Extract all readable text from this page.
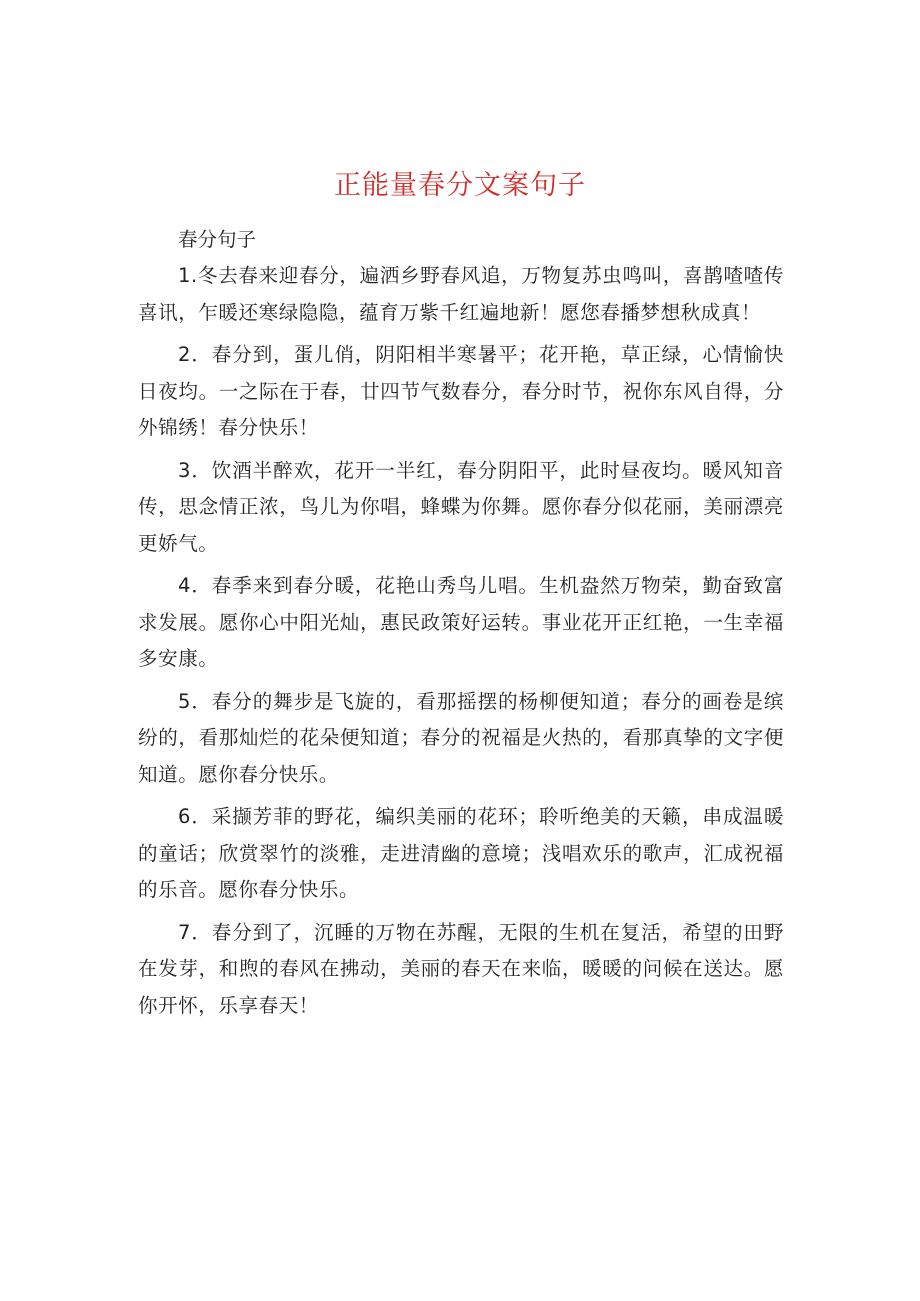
正能量春分文案句子

春分句子

1.冬去春来迎春分，遍洒乡野春风追，万物复苏虫鸣叫，喜鹊喳喳传喜讯，乍暖还寒绿隐隐，蕴育万紫千红遍地新！愿您春播梦想秋成真！

2．春分到，蛋儿俏，阴阳相半寒暑平；花开艳，草正绿，心情愉快日夜均。一之际在于春，廿四节气数春分，春分时节，祝你东风自得，分外锦绣！春分快乐！

3．饮酒半醉欢，花开一半红，春分阴阳平，此时昼夜均。暖风知音传，思念情正浓，鸟儿为你唱，蜂蝶为你舞。愿你春分似花丽，美丽漂亮更娇气。

4．春季来到春分暖，花艳山秀鸟儿唱。生机盎然万物荣，勤奋致富求发展。愿你心中阳光灿，惠民政策好运转。事业花开正红艳，一生幸福多安康。

5．春分的舞步是飞旋的，看那摇摆的杨柳便知道；春分的画卷是缤纷的，看那灿烂的花朵便知道；春分的祝福是火热的，看那真挚的文字便知道。愿你春分快乐。

6．采撷芳菲的野花，编织美丽的花环；聆听绝美的天籁，串成温暖的童话；欣赏翠竹的淡雅，走进清幽的意境；浅唱欢乐的歌声，汇成祝福的乐音。愿你春分快乐。

7．春分到了，沉睡的万物在苏醒，无限的生机在复活，希望的田野在发芽，和煦的春风在拂动，美丽的春天在来临，暖暖的问候在送达。愿你开怀，乐享春天！
